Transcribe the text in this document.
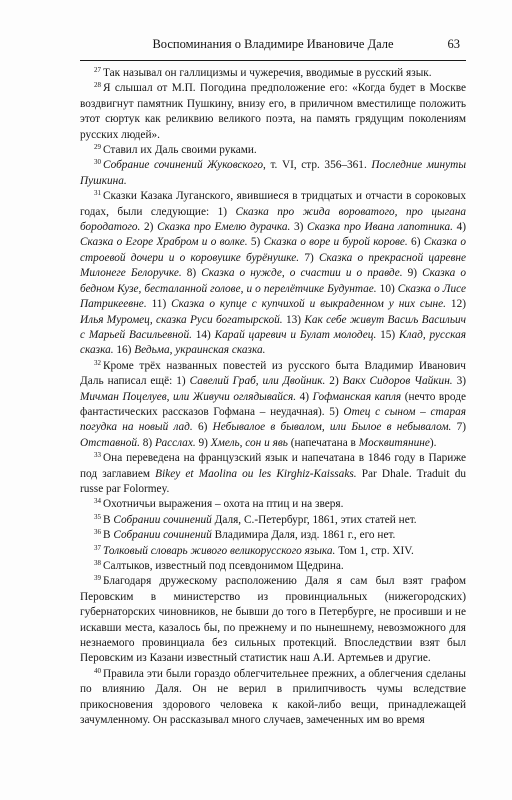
Воспоминания о Владимире Ивановиче Дале	63

$^{27}$ Так называл он галлицизмы и чужеречия, вводимые в русский язык.

$^{28}$ Я слышал от М.П. Погодина предположение его: «Когда будет в Москве воздвигнут памятник Пушкину, внизу его, в приличном вместилище положить этот сюртук как реликвию великого поэта, на память грядущим поколениям русских людей».

$^{29}$ Ставил их Даль своими руками.

$^{30}$ Собрание сочинений Жуковского, т. VI, стр. 356–361. Последние минуты Пушкина.

$^{31}$ Сказки Казака Луганского, явившиеся в тридцатых и отчасти в сороковых годах, были следующие: 1) Сказка про жида вороватого, про цыгана бородатого. 2) Сказка про Емелю дурачка. 3) Сказка про Ивана лапотника. 4) Сказка о Егоре Храбром и о волке. 5) Сказка о воре и бурой корове. 6) Сказка о строевой дочери и о коровушке бурёнушке. 7) Сказка о прекрасной царевне Милонеге Белоручке. 8) Сказка о нужде, о счастии и о правде. 9) Сказка о бедном Кузе, бесталанной голове, и о перелётчике Будунтае. 10) Сказка о Лисе Патрикеевне. 11) Сказка о купце с купчихой и выкраденном у них сыне. 12) Илья Муромец, сказка Руси богатырской. 13) Как себе живут Васиљ Васильич с Марьей Васильевной. 14) Карай царевич и Булат молодец. 15) Клад, русская сказка. 16) Ведьма, украинская сказка.

$^{32}$ Кроме трёх названных повестей из русского быта Владимир Иванович Даль написал ещё: 1) Савелий Граб, или Двойник. 2) Вакх Сидоров Чайкин. 3) Мичман Поцелуев, или Живучи оглядывайся. 4) Гофманская капля (нечто вроде фантастических рассказов Гофмана – неудачная). 5) Отец с сыном – старая погудка на новый лад. 6) Небывалое в бывалом, или Былое в небывалом. 7) Отставной. 8) Расслах. 9) Хмель, сон и явь (напечатана в Москвитянине).

$^{33}$ Она переведена на французский язык и напечатана в 1846 году в Париже под заглавием Bikey et Maolina ou les Kirghiz-Kaissaks. Par Dhale. Traduit du russe par Folormey.

$^{34}$ Охотничьи выражения – охота на птиц и на зверя.

$^{35}$ В Собрании сочинений Даля, С.-Петербург, 1861, этих статей нет.

$^{36}$ В Собрании сочинений Владимира Даля, изд. 1861 г., его нет.

$^{37}$ Толковый словарь живого великорусского языка. Том 1, стр. XIV.

$^{38}$ Салтыков, известный под псевдонимом Щедрина.

$^{39}$ Благодаря дружескому расположению Даля я сам был взят графом Перовским в министерство из провинциальных (нижегородских) губернаторских чиновников, не бывши до того в Петербурге, не просивши и не искавши места, казалось бы, по прежнему и по нынешнему, невозможного для незнаемого провинциала без сильных протекций. Впоследствии взят был Перовским из Казани известный статистик наш А.И. Артемьев и другие.

$^{40}$ Правила эти были гораздо облегчительнее прежних, а облегчения сделаны по влиянию Даля. Он не верил в прилипчивость чумы вследствие прикосновения здорового человека к какой-либо вещи, принадлежащей зачумленному. Он рассказывал много случаев, замеченных им во время
